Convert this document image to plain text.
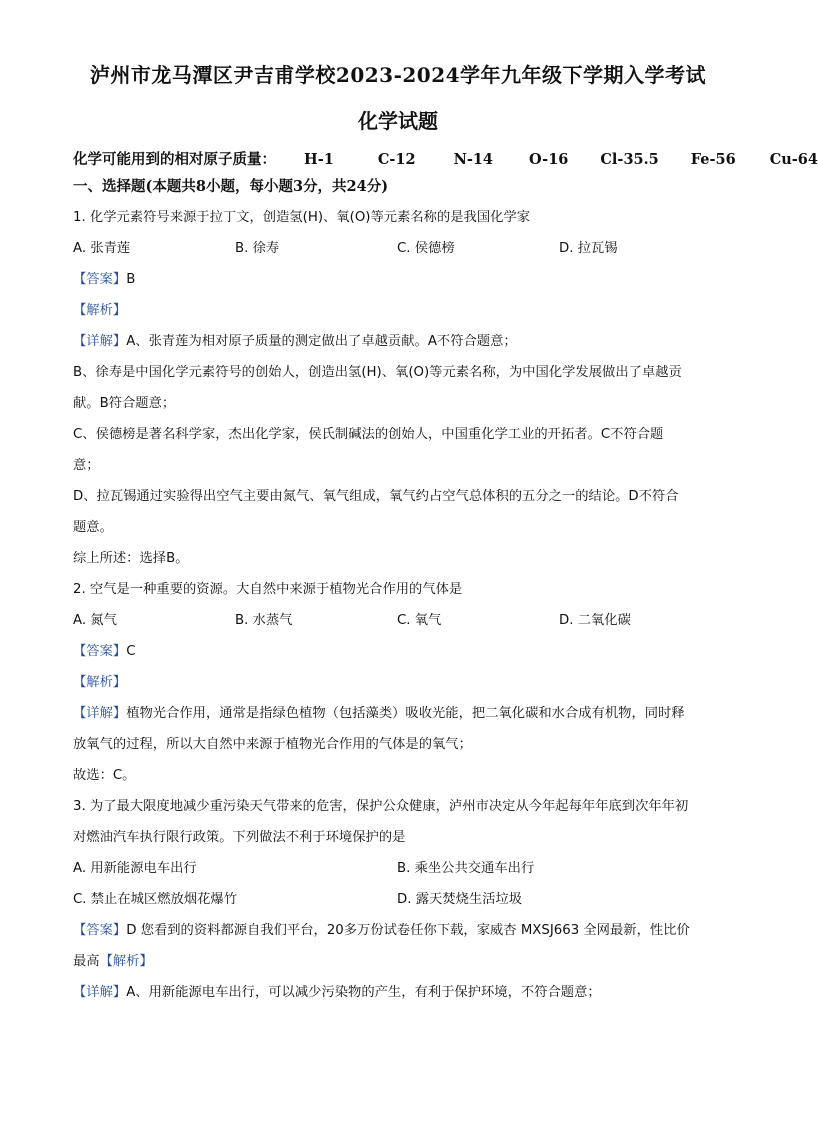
泸州市龙马潭区尹吉甫学校2023-2024学年九年级下学期入学考试
化学试题
化学可能用到的相对原子质量： H-1	C-12	N-14 O-16 Cl-35.5 Fe-56 Cu-64
一、选择题(本题共8小题，每小题3分，共24分)
1. 化学元素符号来源于拉丁文，创造氢(H)、氧(O)等元素名称的是我国化学家
A. 张青莲	B. 徐寿	C. 侯德榜	D. 拉瓦锡
【答案】B
【解析】
【详解】A、张青莲为相对原子质量的测定做出了卓越贡献。A不符合题意；
B、徐寿是中国化学元素符号的创始人，创造出氢(H)、氧(O)等元素名称，为中国化学发展做出了卓越贡
献。B符合题意；
C、侯德榜是著名科学家，杰出化学家，侯氏制碱法的创始人，中国重化学工业的开拓者。C不符合题
意；
D、拉瓦锡通过实验得出空气主要由氮气、氧气组成，氧气约占空气总体积的五分之一的结论。D不符合
题意。
综上所述：选择B。
2. 空气是一种重要的资源。大自然中来源于植物光合作用的气体是
A. 氮气	B. 水蒸气	C. 氧气	D. 二氧化碳
【答案】C
【解析】
【详解】植物光合作用，通常是指绿色植物（包括藻类）吸收光能，把二氧化碳和水合成有机物，同时释
放氧气的过程，所以大自然中来源于植物光合作用的气体是的氧气；
故选：C。
3. 为了最大限度地减少重污染天气带来的危害，保护公众健康，泸州市决定从今年起每年年底到次年年初
对燃油汽车执行限行政策。下列做法不利于环境保护的是
A. 用新能源电车出行	B. 乘坐公共交通车出行
C. 禁止在城区燃放烟花爆竹	D. 露天焚烧生活垃圾
【答案】D 您看到的资料都源自我们平台，20多万份试卷任你下载，家威杏 MXSJ663 全网最新，性比价
最高【解析】
【详解】A、用新能源电车出行，可以减少污染物的产生，有利于保护环境，不符合题意；
